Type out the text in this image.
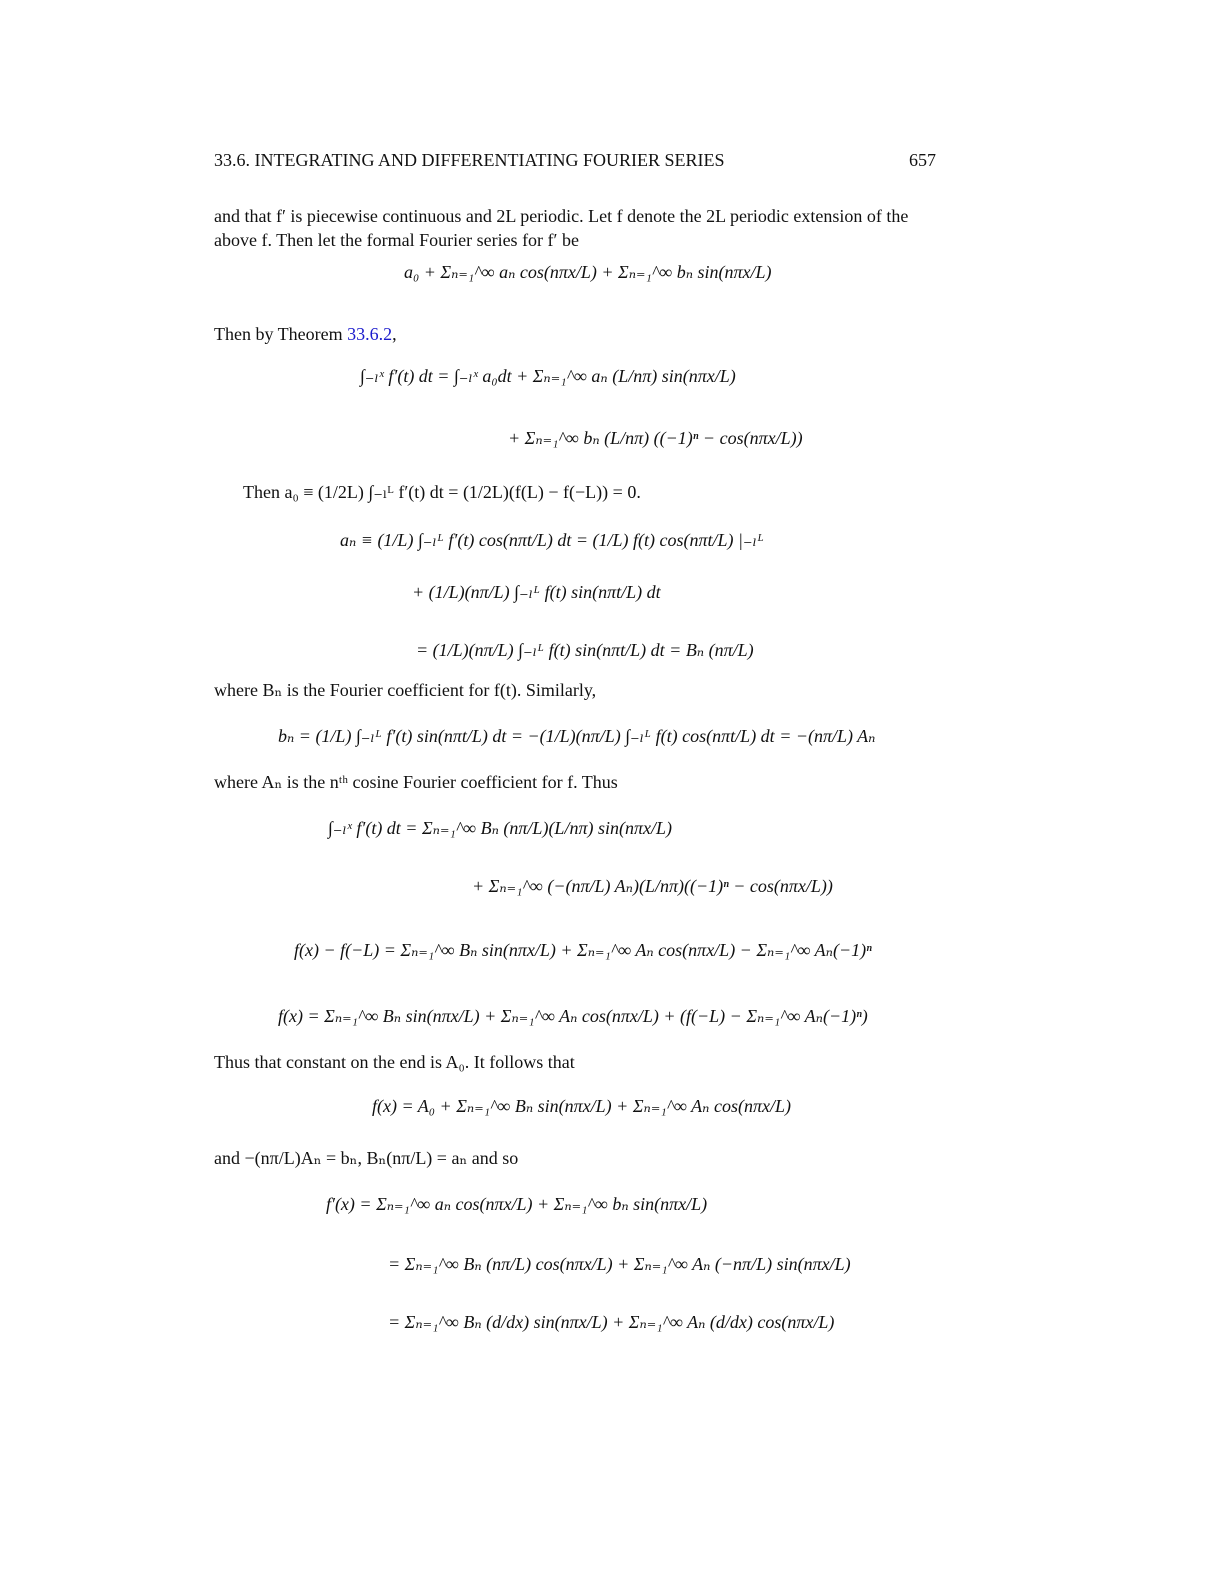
33.6. INTEGRATING AND DIFFERENTIATING FOURIER SERIES	657
and that f′ is piecewise continuous and 2L periodic. Let f denote the 2L periodic extension of the above f. Then let the formal Fourier series for f′ be
a₀ + Σₙ₌₁^∞ aₙ cos(nπx/L) + Σₙ₌₁^∞ bₙ sin(nπx/L)
Then by Theorem 33.6.2,
∫₋ₗˣ f′(t) dt = ∫₋ₗˣ a₀dt + Σₙ₌₁^∞ aₙ (L/nπ) sin(nπx/L)
+ Σₙ₌₁^∞ bₙ (L/nπ) ((−1)ⁿ − cos(nπx/L))
Then a₀ ≡ (1/2L) ∫₋ₗᴸ f′(t) dt = (1/2L)(f(L) − f(−L)) = 0.
aₙ ≡ (1/L) ∫₋ₗᴸ f′(t) cos(nπt/L) dt = (1/L) f(t) cos(nπt/L) |₋ₗᴸ
+ (1/L)(nπ/L) ∫₋ₗᴸ f(t) sin(nπt/L) dt
= (1/L)(nπ/L) ∫₋ₗᴸ f(t) sin(nπt/L) dt = Bₙ (nπ/L)
where Bₙ is the Fourier coefficient for f(t). Similarly,
bₙ = (1/L) ∫₋ₗᴸ f′(t) sin(nπt/L) dt = −(1/L)(nπ/L) ∫₋ₗᴸ f(t) cos(nπt/L) dt = −(nπ/L) Aₙ
where Aₙ is the nᵗʰ cosine Fourier coefficient for f. Thus
∫₋ₗˣ f′(t) dt = Σₙ₌₁^∞ Bₙ (nπ/L)(L/nπ) sin(nπx/L)
+ Σₙ₌₁^∞ (−(nπ/L) Aₙ)(L/nπ)((−1)ⁿ − cos(nπx/L))
f(x) − f(−L) = Σₙ₌₁^∞ Bₙ sin(nπx/L) + Σₙ₌₁^∞ Aₙ cos(nπx/L) − Σₙ₌₁^∞ Aₙ(−1)ⁿ
f(x) = Σₙ₌₁^∞ Bₙ sin(nπx/L) + Σₙ₌₁^∞ Aₙ cos(nπx/L) + (f(−L) − Σₙ₌₁^∞ Aₙ(−1)ⁿ)
Thus that constant on the end is A₀. It follows that
f(x) = A₀ + Σₙ₌₁^∞ Bₙ sin(nπx/L) + Σₙ₌₁^∞ Aₙ cos(nπx/L)
and −(nπ/L)Aₙ = bₙ, Bₙ(nπ/L) = aₙ and so
f′(x) = Σₙ₌₁^∞ aₙ cos(nπx/L) + Σₙ₌₁^∞ bₙ sin(nπx/L)
= Σₙ₌₁^∞ Bₙ (nπ/L) cos(nπx/L) + Σₙ₌₁^∞ Aₙ (−nπ/L) sin(nπx/L)
= Σₙ₌₁^∞ Bₙ (d/dx) sin(nπx/L) + Σₙ₌₁^∞ Aₙ (d/dx) cos(nπx/L)
